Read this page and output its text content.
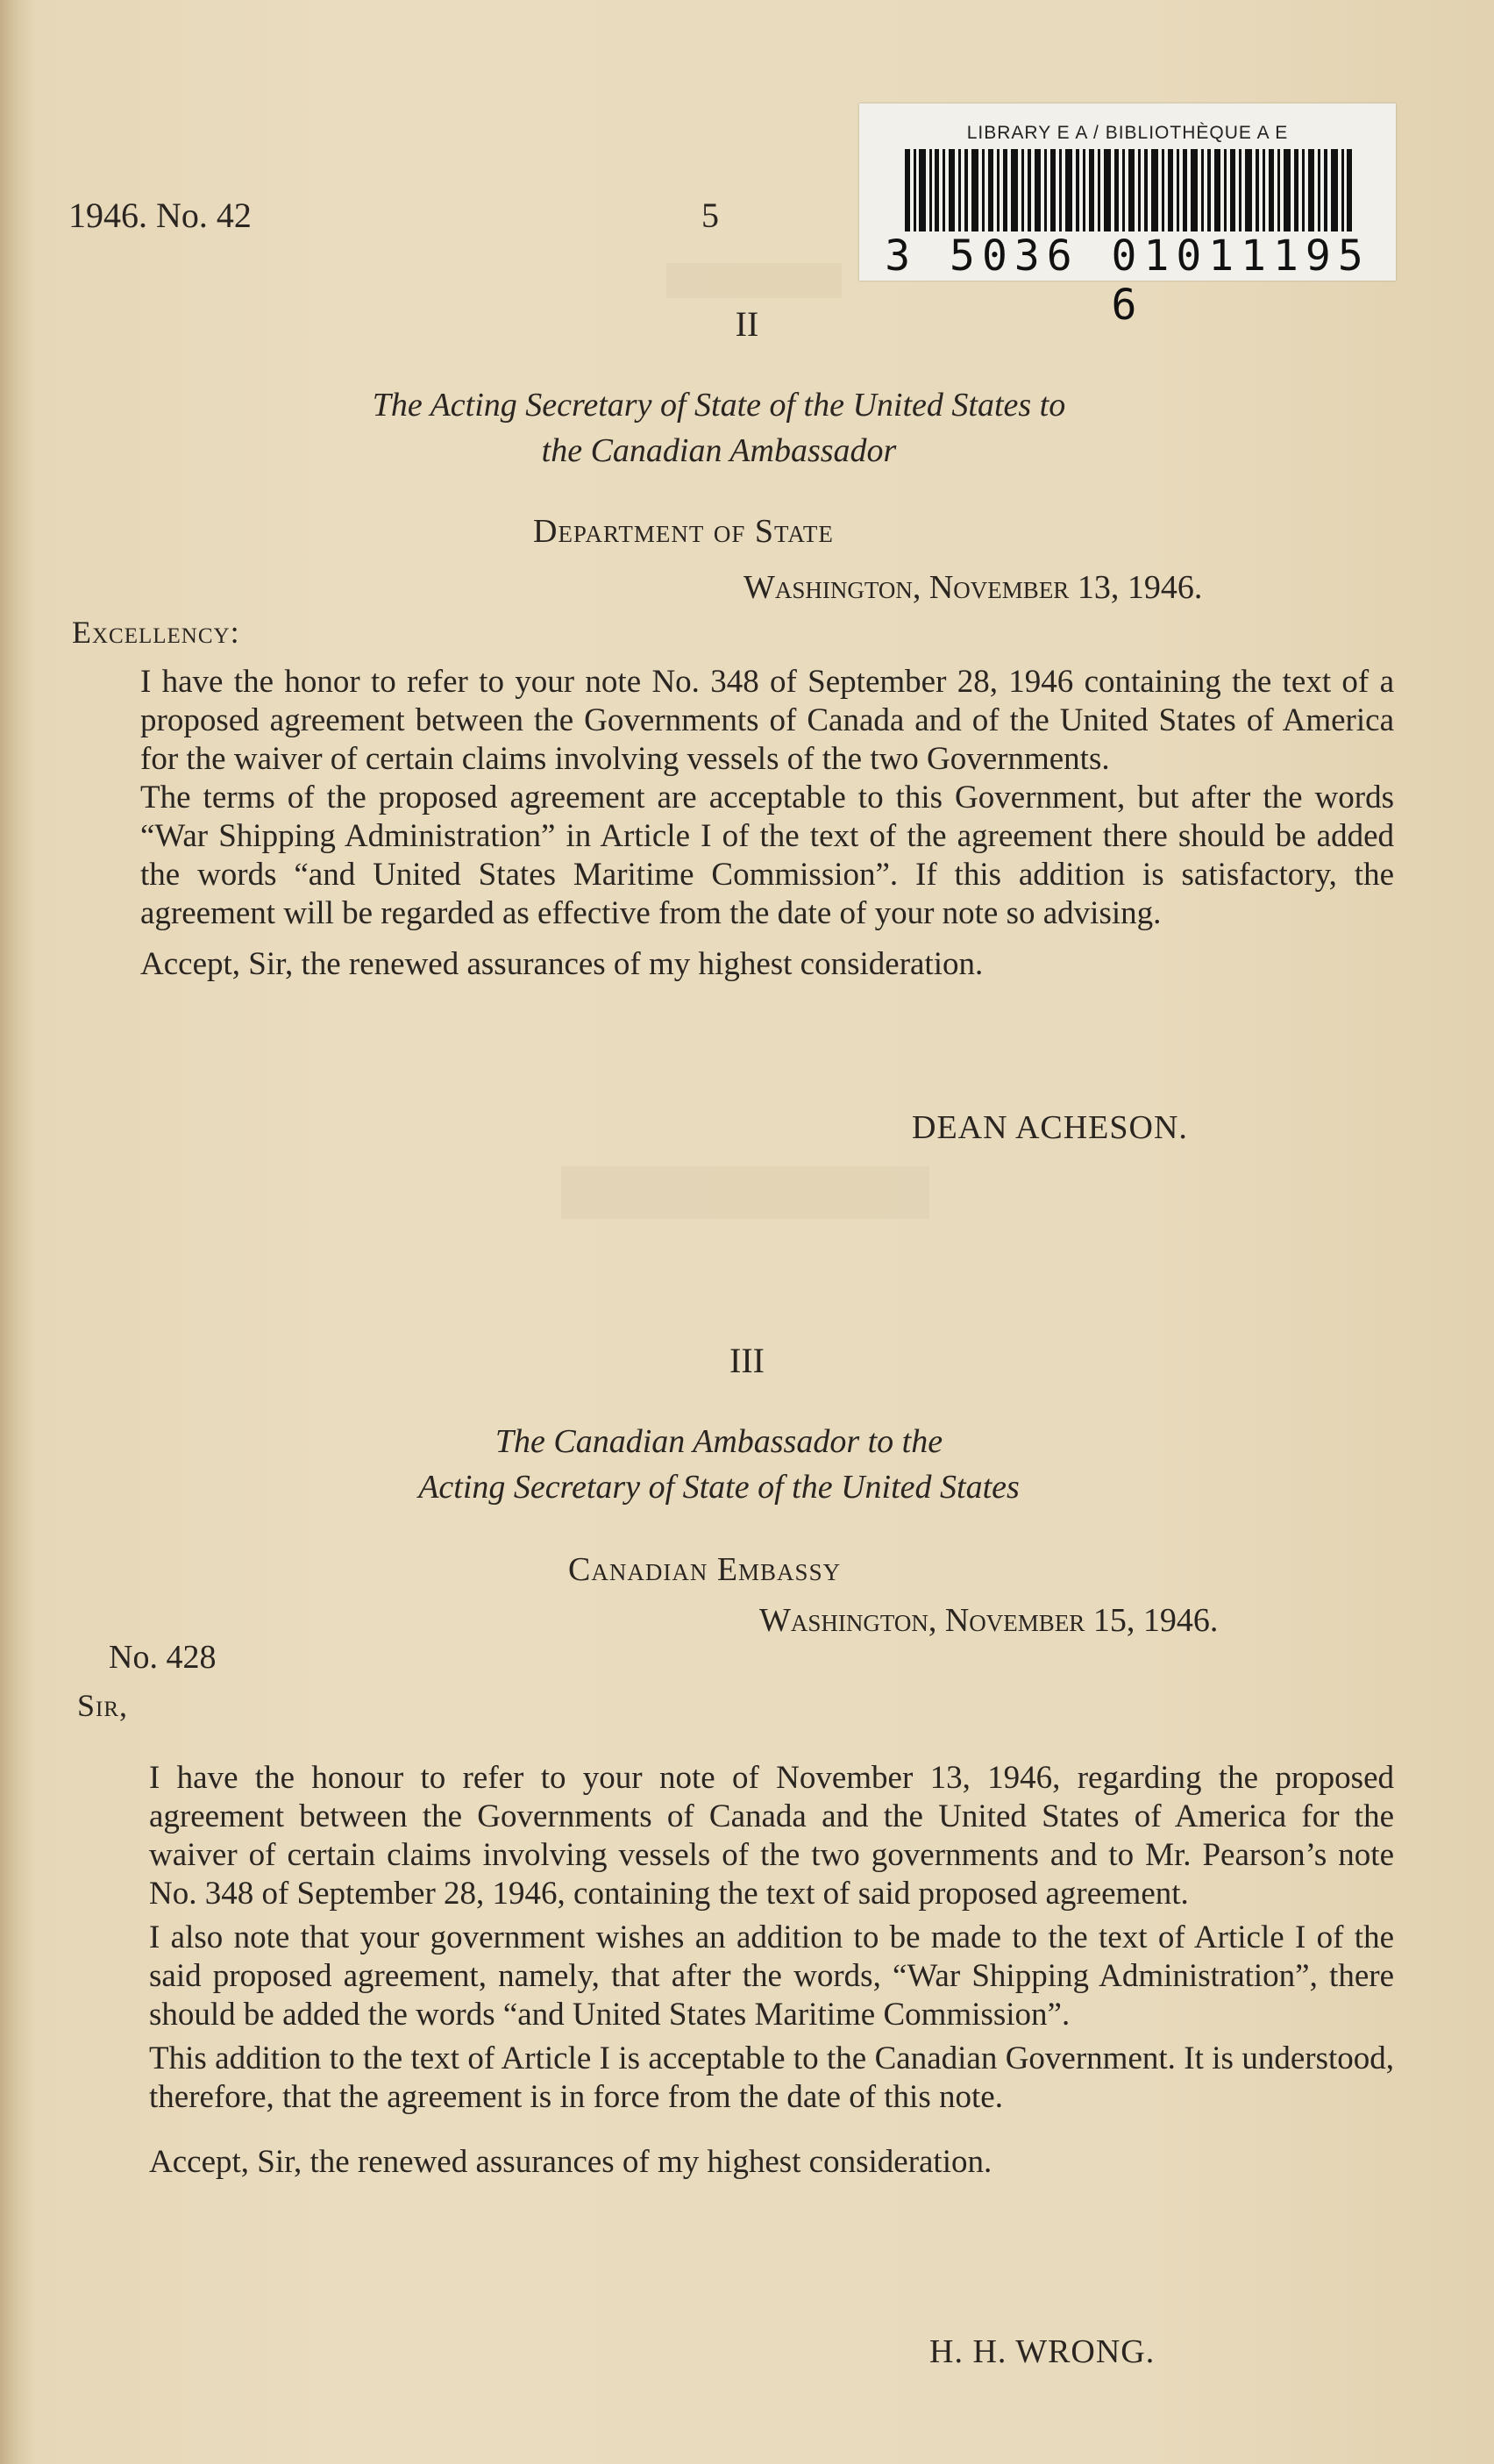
1946. No. 42	5
LIBRARY E A / BIBLIOTHÈQUE A E
3 5036 01011195 6
II
The Acting Secretary of State of the United States to
the Canadian Ambassador
Department of State
Washington, November 13, 1946.
Excellency:
I have the honor to refer to your note No. 348 of September 28, 1946 containing the text of a proposed agreement between the Governments of Canada and of the United States of America for the waiver of certain claims involving vessels of the two Governments.
The terms of the proposed agreement are acceptable to this Government, but after the words “War Shipping Administration” in Article I of the text of the agreement there should be added the words “and United States Maritime Commission”. If this addition is satisfactory, the agreement will be regarded as effective from the date of your note so advising.
Accept, Sir, the renewed assurances of my highest consideration.
DEAN ACHESON.
III
The Canadian Ambassador to the
Acting Secretary of State of the United States
Canadian Embassy
Washington, November 15, 1946.
No. 428
Sir,
I have the honour to refer to your note of November 13, 1946, regarding the proposed agreement between the Governments of Canada and the United States of America for the waiver of certain claims involving vessels of the two governments and to Mr. Pearson’s note No. 348 of September 28, 1946, containing the text of said proposed agreement.
I also note that your government wishes an addition to be made to the text of Article I of the said proposed agreement, namely, that after the words, “War Shipping Administration”, there should be added the words “and United States Maritime Commission”.
This addition to the text of Article I is acceptable to the Canadian Government. It is understood, therefore, that the agreement is in force from the date of this note.
Accept, Sir, the renewed assurances of my highest consideration.
H. H. WRONG.
